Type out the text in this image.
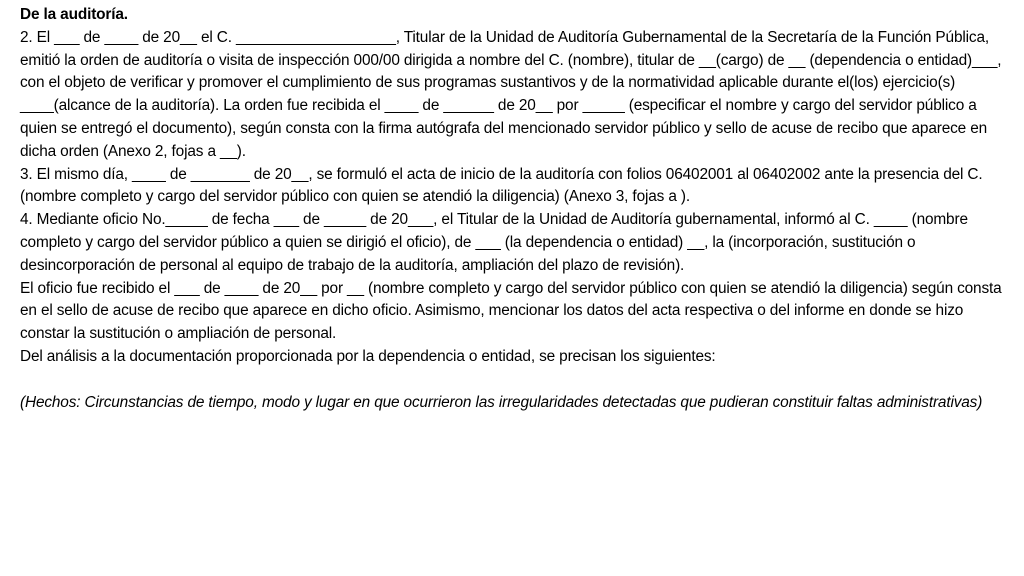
De la auditoría.

2. El ___ de ____ de 20__ el C. ___________________, Titular de la Unidad de Auditoría Gubernamental de la Secretaría de la Función Pública, emitió la orden de auditoría o visita de inspección 000/00 dirigida a nombre del C. (nombre), titular de __(cargo) de __ (dependencia o entidad)___, con el objeto de verificar y promover el cumplimiento de sus programas sustantivos y de la normatividad aplicable durante el(los) ejercicio(s) ____(alcance de la auditoría). La orden fue recibida el ____ de ______ de 20__ por _____ (especificar el nombre y cargo del servidor público a quien se entregó el documento), según consta con la firma autógrafa del mencionado servidor público y sello de acuse de recibo que aparece en dicha orden (Anexo 2, fojas a __).

3. El mismo día, ____ de _______ de 20__, se formuló el acta de inicio de la auditoría con folios 06402001 al 06402002 ante la presencia del C. (nombre completo y cargo del servidor público con quien se atendió la diligencia) (Anexo 3, fojas a ).

4. Mediante oficio No._____ de fecha ___ de _____ de 20___, el Titular de la Unidad de Auditoría gubernamental, informó al C. ____ (nombre completo y cargo del servidor público a quien se dirigió el oficio), de ___ (la dependencia o entidad) __, la (incorporación, sustitución o desincorporación de personal al equipo de trabajo de la auditoría, ampliación del plazo de revisión).

El oficio fue recibido el ___ de ____ de 20__ por __ (nombre completo y cargo del servidor público con quien se atendió la diligencia) según consta en el sello de acuse de recibo que aparece en dicho oficio. Asimismo, mencionar los datos del acta respectiva o del informe en donde se hizo constar la sustitución o ampliación de personal.

Del análisis a la documentación proporcionada por la dependencia o entidad, se precisan los siguientes:

(Hechos: Circunstancias de tiempo, modo y lugar en que ocurrieron las irregularidades detectadas que pudieran constituir faltas administrativas)
